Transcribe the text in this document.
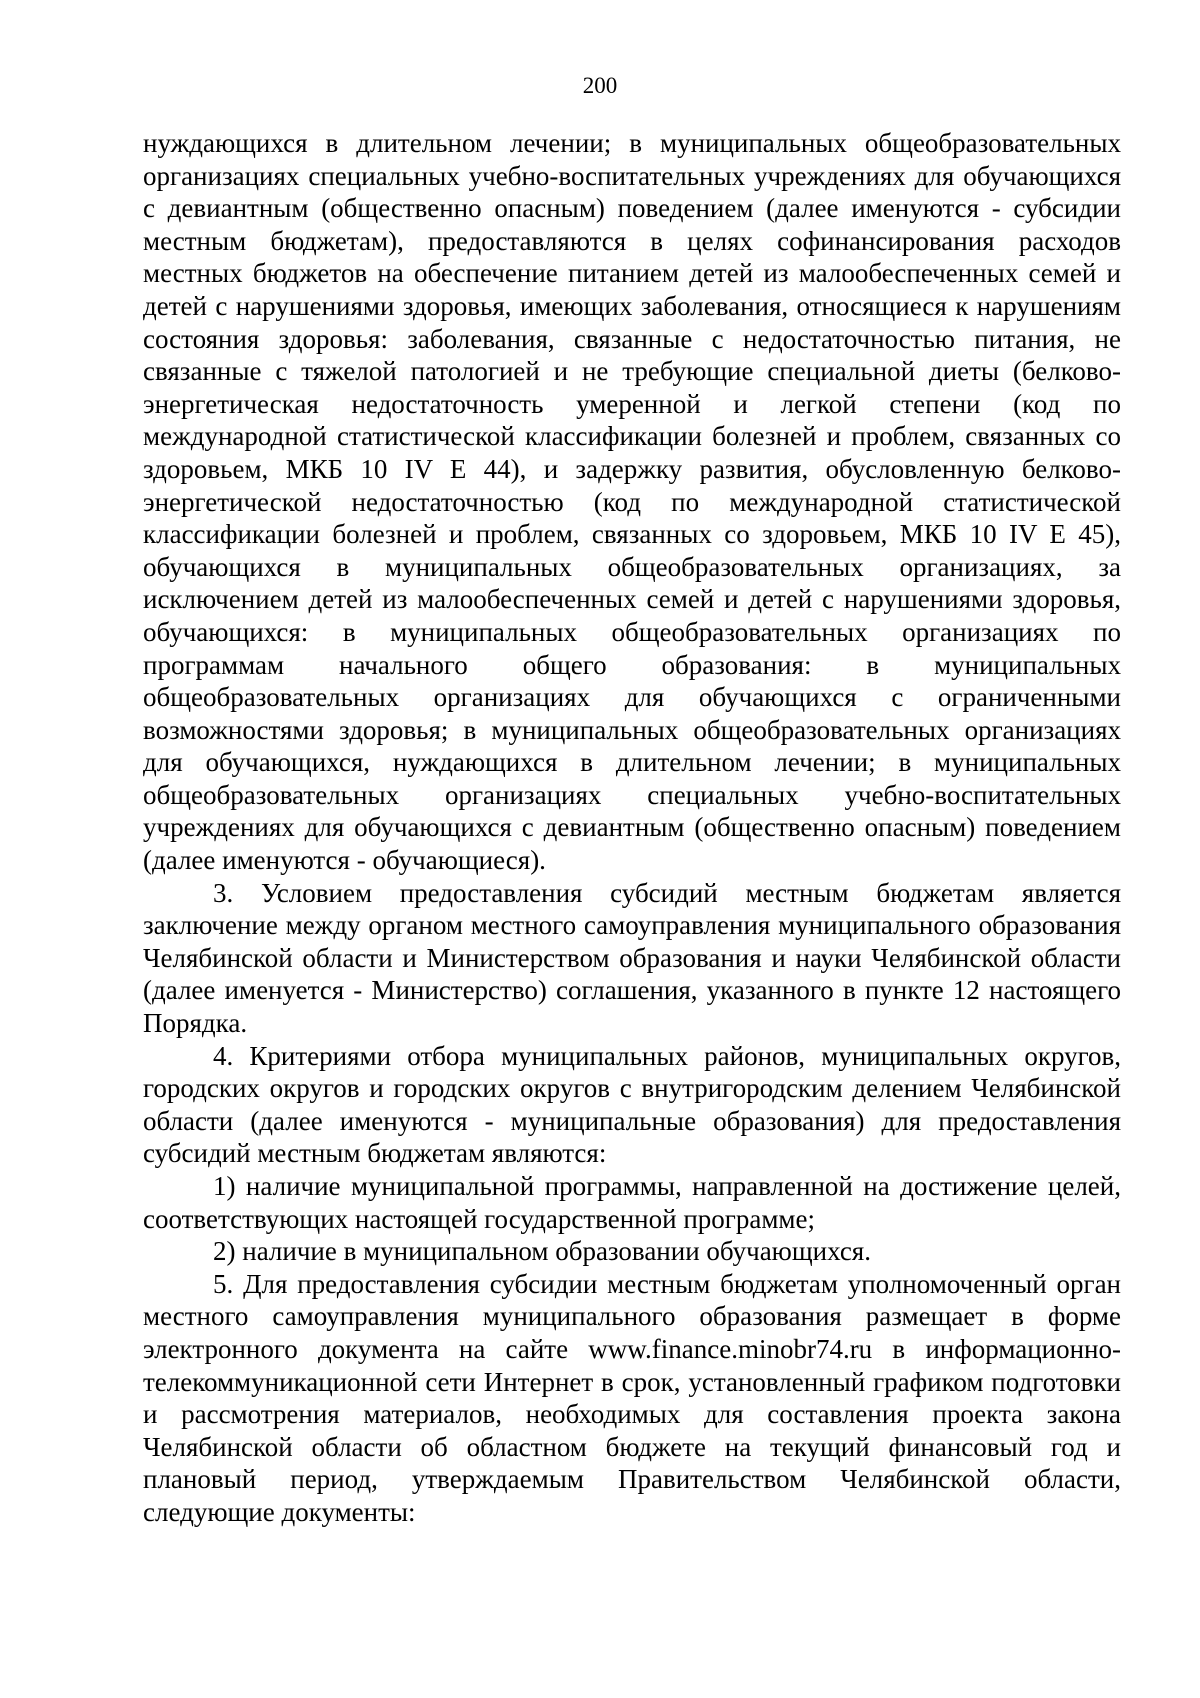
200

нуждающихся в длительном лечении; в муниципальных общеобразовательных организациях специальных учебно-воспитательных учреждениях для обучающихся с девиантным (общественно опасным) поведением (далее именуются - субсидии местным бюджетам), предоставляются в целях софинансирования расходов местных бюджетов на обеспечение питанием детей из малообеспеченных семей и детей с нарушениями здоровья, имеющих заболевания, относящиеся к нарушениям состояния здоровья: заболевания, связанные с недостаточностью питания, не связанные с тяжелой патологией и не требующие специальной диеты (белково-энергетическая недостаточность умеренной и легкой степени (код по международной статистической классификации болезней и проблем, связанных со здоровьем, МКБ 10 IV Е 44), и задержку развития, обусловленную белково-энергетической недостаточностью (код по международной статистической классификации болезней и проблем, связанных со здоровьем, МКБ 10 IV Е 45), обучающихся в муниципальных общеобразовательных организациях, за исключением детей из малообеспеченных семей и детей с нарушениями здоровья, обучающихся: в муниципальных общеобразовательных организациях по программам начального общего образования: в муниципальных общеобразовательных организациях для обучающихся с ограниченными возможностями здоровья; в муниципальных общеобразовательных организациях для обучающихся, нуждающихся в длительном лечении; в муниципальных общеобразовательных организациях специальных учебно-воспитательных учреждениях для обучающихся с девиантным (общественно опасным) поведением (далее именуются - обучающиеся).

3. Условием предоставления субсидий местным бюджетам является заключение между органом местного самоуправления муниципального образования Челябинской области и Министерством образования и науки Челябинской области (далее именуется - Министерство) соглашения, указанного в пункте 12 настоящего Порядка.

4. Критериями отбора муниципальных районов, муниципальных округов, городских округов и городских округов с внутригородским делением Челябинской области (далее именуются - муниципальные образования) для предоставления субсидий местным бюджетам являются:

1) наличие муниципальной программы, направленной на достижение целей, соответствующих настоящей государственной программе;

2) наличие в муниципальном образовании обучающихся.

5. Для предоставления субсидии местным бюджетам уполномоченный орган местного самоуправления муниципального образования размещает в форме электронного документа на сайте www.finance.minobr74.ru в информационно-телекоммуникационной сети Интернет в срок, установленный графиком подготовки и рассмотрения материалов, необходимых для составления проекта закона Челябинской области об областном бюджете на текущий финансовый год и плановый период, утверждаемым Правительством Челябинской области, следующие документы:
